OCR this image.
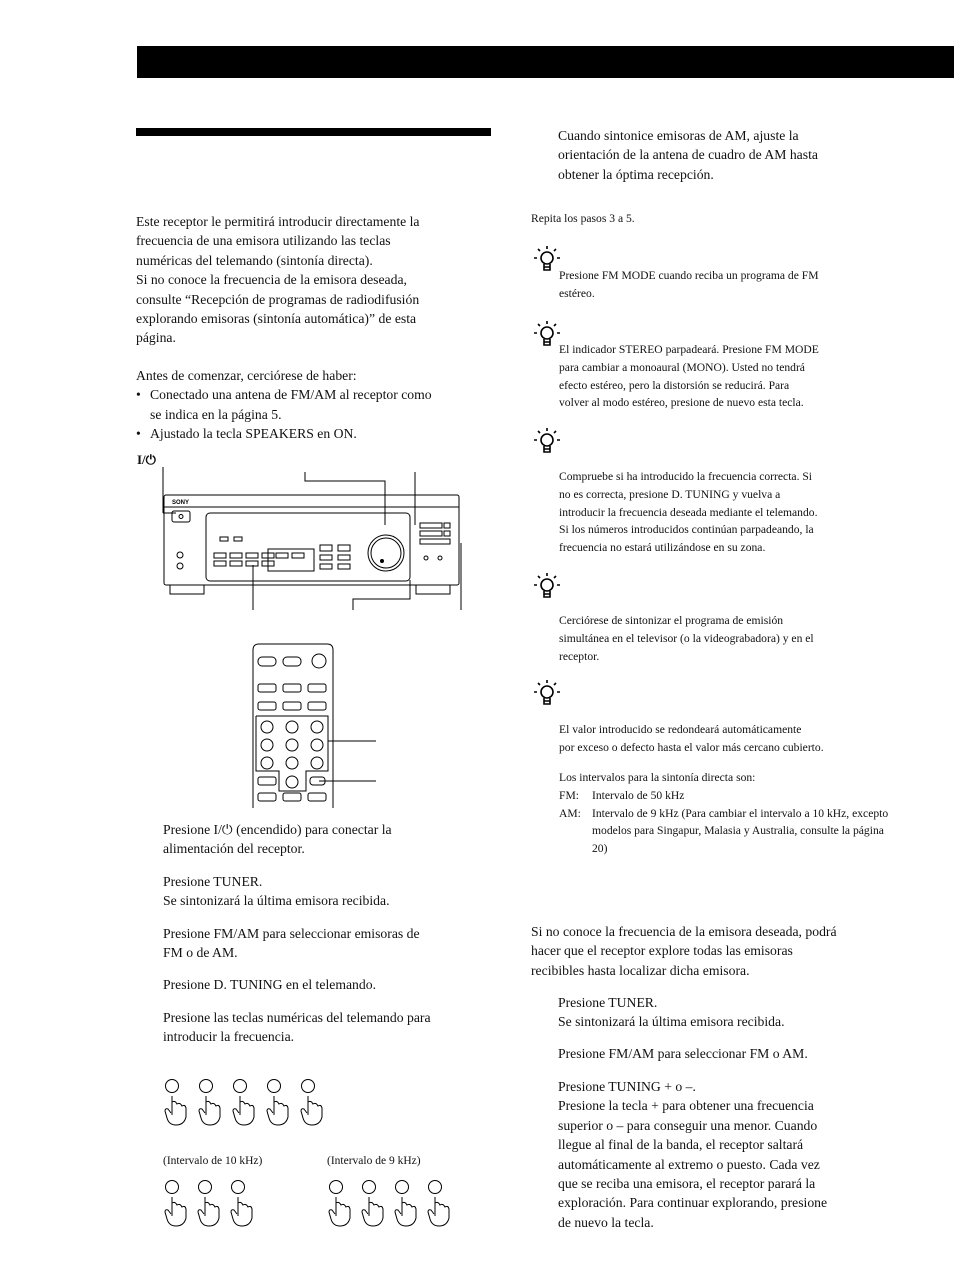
Este receptor le permitirá introducir directamente la
frecuencia de una emisora utilizando las teclas
numéricas del telemando (sintonía directa).
Si no conoce la frecuencia de la emisora deseada,
consulte “Recepción de programas de radiodifusión
explorando emisoras (sintonía automática)” de esta
página.
Antes de comenzar, cerciórese de haber:
• Conectado una antena de FM/AM al receptor como
se indica en la página 5.
• Ajustado la tecla SPEAKERS en ON.
I/⏻
SONY
Presione I/⏻ (encendido) para conectar la
alimentación del receptor.
Presione TUNER.
Se sintonizará la última emisora recibida.
Presione FM/AM para seleccionar emisoras de
FM o de AM.
Presione D. TUNING en el telemando.
Presione las teclas numéricas del telemando para
introducir la frecuencia.
(Intervalo de 10 kHz)	(Intervalo de 9 kHz)
Cuando sintonice emisoras de AM, ajuste la
orientación de la antena de cuadro de AM hasta
obtener la óptima recepción.
Repita los pasos 3 a 5.
Presione FM MODE cuando reciba un programa de FM
estéreo.
El indicador STEREO parpadeará. Presione FM MODE
para cambiar a monoaural (MONO). Usted no tendrá
efecto estéreo, pero la distorsión se reducirá. Para
volver al modo estéreo, presione de nuevo esta tecla.
Compruebe si ha introducido la frecuencia correcta. Si
no es correcta, presione D. TUNING y vuelva a
introducir la frecuencia deseada mediante el telemando.
Si los números introducidos continúan parpadeando, la
frecuencia no estará utilizándose en su zona.
Cerciórese de sintonizar el programa de emisión
simultánea en el televisor (o la videograbadora) y en el
receptor.
El valor introducido se redondeará automáticamente
por exceso o defecto hasta el valor más cercano cubierto.
Los intervalos para la sintonía directa son:
FM:	Intervalo de 50 kHz
AM: Intervalo de 9 kHz (Para cambiar el intervalo a 10 kHz, excepto modelos para Singapur, Malasia y Australia, consulte la página 20)
Si no conoce la frecuencia de la emisora deseada, podrá
hacer que el receptor explore todas las emisoras
recibibles hasta localizar dicha emisora.
Presione TUNER.
Se sintonizará la última emisora recibida.
Presione FM/AM para seleccionar FM o AM.
Presione TUNING + o –.
Presione la tecla + para obtener una frecuencia
superior o – para conseguir una menor. Cuando
llegue al final de la banda, el receptor saltará
automáticamente al extremo o puesto. Cada vez
que se reciba una emisora, el receptor parará la
exploración. Para continuar explorando, presione
de nuevo la tecla.
